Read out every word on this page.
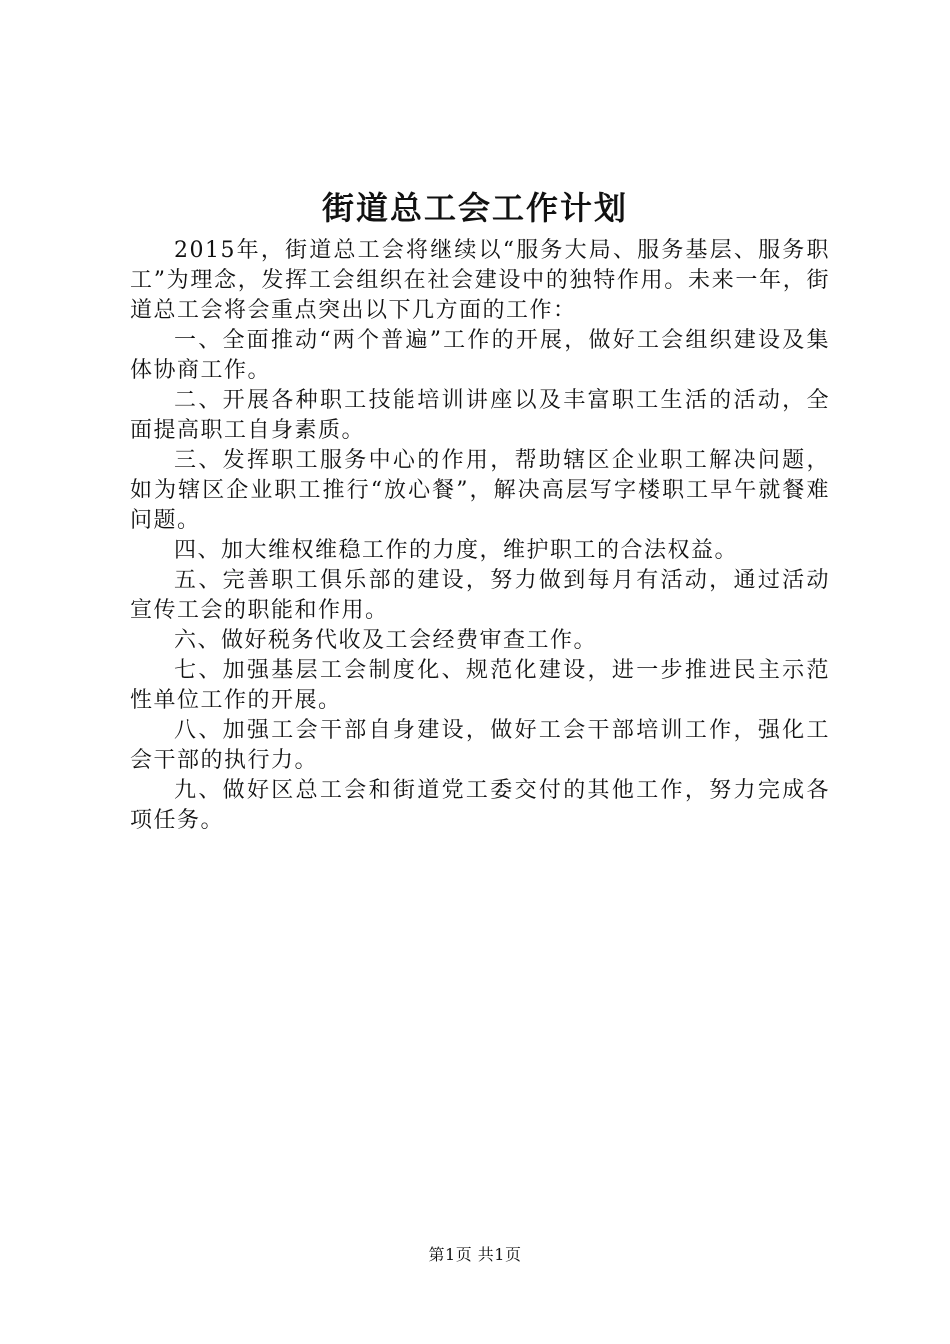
街道总工会工作计划

2015年，街道总工会将继续以“服务大局、服务基层、服务职工”为理念，发挥工会组织在社会建设中的独特作用。未来一年，街道总工会将会重点突出以下几方面的工作：

一、全面推动“两个普遍”工作的开展，做好工会组织建设及集体协商工作。

二、开展各种职工技能培训讲座以及丰富职工生活的活动，全面提高职工自身素质。

三、发挥职工服务中心的作用，帮助辖区企业职工解决问题，如为辖区企业职工推行“放心餐”，解决高层写字楼职工早午就餐难问题。

四、加大维权维稳工作的力度，维护职工的合法权益。

五、完善职工俱乐部的建设，努力做到每月有活动，通过活动宣传工会的职能和作用。

六、做好税务代收及工会经费审查工作。

七、加强基层工会制度化、规范化建设，进一步推进民主示范性单位工作的开展。

八、加强工会干部自身建设，做好工会干部培训工作，强化工会干部的执行力。

九、做好区总工会和街道党工委交付的其他工作，努力完成各项任务。

第1页 共1页
